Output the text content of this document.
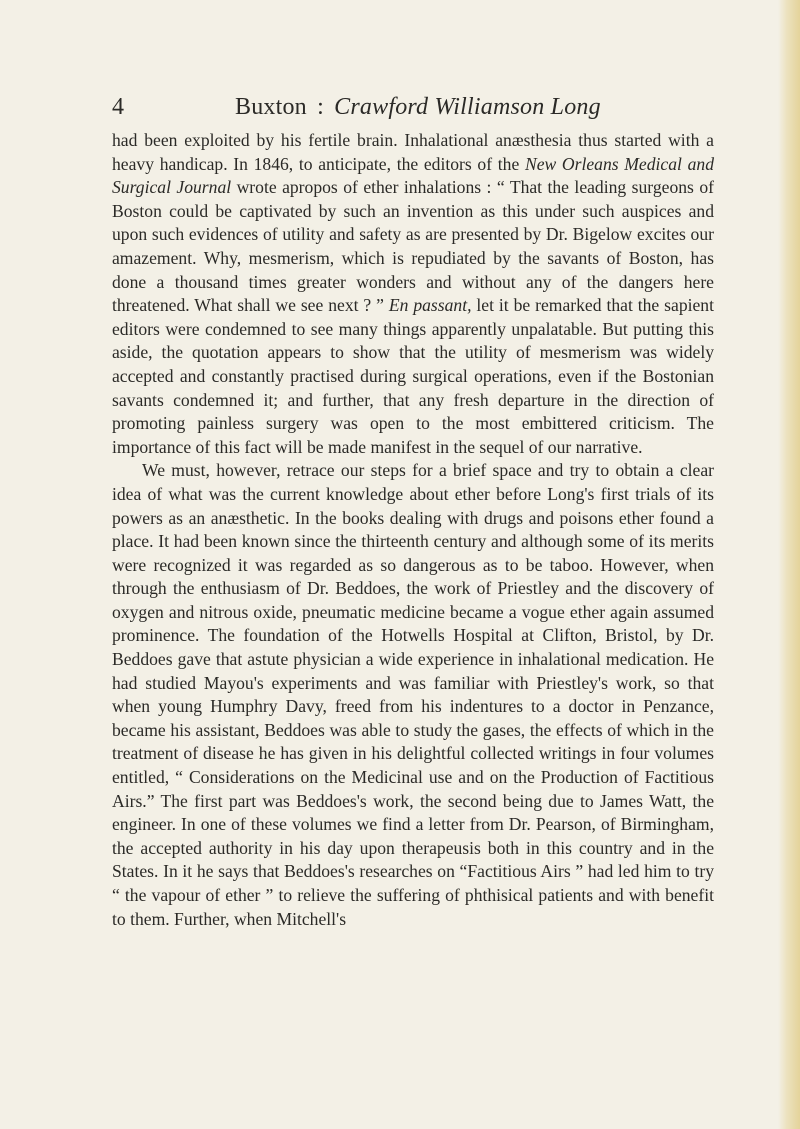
4	Buxton : Crawford Williamson Long

had been exploited by his fertile brain. Inhalational anæsthesia thus started with a heavy handicap. In 1846, to anticipate, the editors of the New Orleans Medical and Surgical Journal wrote apropos of ether inhalations : “ That the leading surgeons of Boston could be captivated by such an invention as this under such auspices and upon such evidences of utility and safety as are presented by Dr. Bigelow excites our amazement. Why, mesmerism, which is repudiated by the savants of Boston, has done a thousand times greater wonders and without any of the dangers here threatened. What shall we see next ? ” En passant, let it be remarked that the sapient editors were condemned to see many things apparently unpalatable. But putting this aside, the quotation appears to show that the utility of mesmerism was widely accepted and constantly practised during surgical operations, even if the Bostonian savants condemned it; and further, that any fresh departure in the direction of promoting painless surgery was open to the most embittered criticism. The importance of this fact will be made manifest in the sequel of our narrative.

We must, however, retrace our steps for a brief space and try to obtain a clear idea of what was the current knowledge about ether before Long's first trials of its powers as an anæsthetic. In the books dealing with drugs and poisons ether found a place. It had been known since the thirteenth century and although some of its merits were recognized it was regarded as so dangerous as to be taboo. However, when through the enthusiasm of Dr. Beddoes, the work of Priestley and the discovery of oxygen and nitrous oxide, pneumatic medicine became a vogue ether again assumed prominence. The foundation of the Hotwells Hospital at Clifton, Bristol, by Dr. Beddoes gave that astute physician a wide experience in inhalational medication. He had studied Mayou's experiments and was familiar with Priestley's work, so that when young Humphry Davy, freed from his indentures to a doctor in Penzance, became his assistant, Beddoes was able to study the gases, the effects of which in the treatment of disease he has given in his delightful collected writings in four volumes entitled, “ Considerations on the Medicinal use and on the Production of Factitious Airs.” The first part was Beddoes's work, the second being due to James Watt, the engineer. In one of these volumes we find a letter from Dr. Pearson, of Birmingham, the accepted authority in his day upon therapeusis both in this country and in the States. In it he says that Beddoes's researches on “Factitious Airs ” had led him to try “ the vapour of ether ” to relieve the suffering of phthisical patients and with benefit to them. Further, when Mitchell's
